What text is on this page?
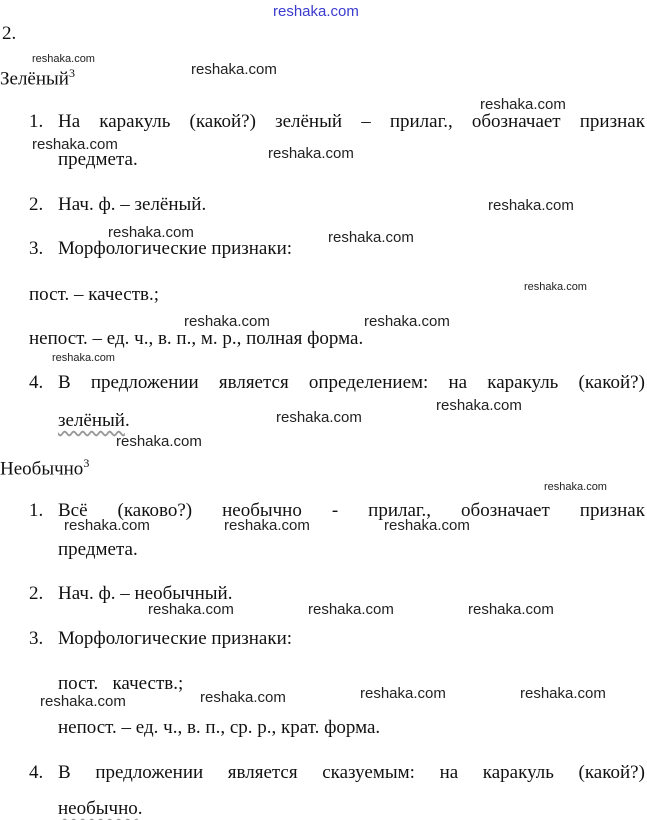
reshaka.com
2.
Зелёный$^3$
1. На каракуль (какой?) зелёный – прилаг., обозначает признак
предмета.
2. Нач. ф. – зелёный.
3. Морфологические признаки:
пост. – качеств.;
непост. – ед. ч., в. п., м. р., полная форма.
4. В предложении является определением: на каракуль (какой?)
зелёный.
Необычно$^3$
1. Всё (каково?) необычно - прилаг., обозначает признак
предмета.
2. Нач. ф. – необычный.
3. Морфологические признаки:
пост.   качеств.;
непост. – ед. ч., в. п., ср. р., крат. форма.
4. В предложении является сказуемым: на каракуль (какой?)
необычно.
reshaka.com
reshaka.com
reshaka.com
reshaka.com
reshaka.com
reshaka.com
reshaka.com	reshaka.com
reshaka.com
reshaka.com	reshaka.com
reshaka.com
reshaka.com
reshaka.com
reshaka.com
reshaka.com
reshaka.com	reshaka.com	reshaka.com
reshaka.com	reshaka.com	reshaka.com
reshaka.com	reshaka.com
reshaka.com
reshaka.com
